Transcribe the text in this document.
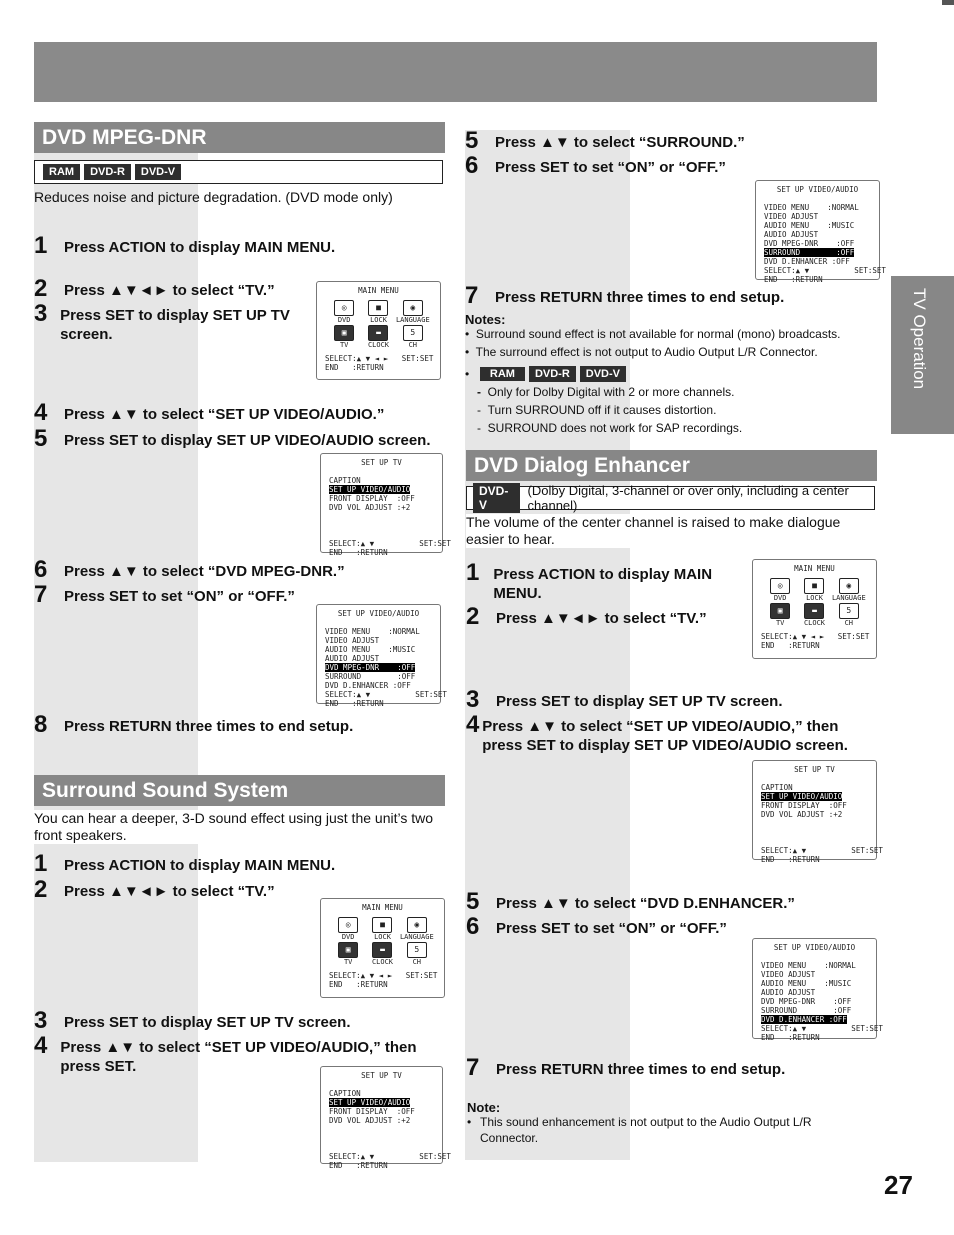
TV Operation
DVD MPEG-DNR
RAM	DVD-R	DVD-V
Reduces noise and picture degradation. (DVD mode only)
1	Press ACTION to display MAIN MENU.
2	Press ▲▼◄► to select “TV.”
3 Press SET to display SET UP TV screen.
MAIN MENU
◎
DVD
■
LOCK
◉
LANGUAGE
▣
TV
▬
CLOCK
5
CH
SELECT:▲ ▼ ◄ ►   SET:SET
END   :RETURN
4	Press ▲▼ to select “SET UP VIDEO/AUDIO.”
5	Press SET to display SET UP VIDEO/AUDIO screen.
SET UP TV
CAPTION
SET UP VIDEO/AUDIO
FRONT DISPLAY  :OFF
DVD VOL ADJUST :+2
SELECT:▲ ▼          SET:SET
END   :RETURN
6	Press ▲▼ to select “DVD MPEG-DNR.”
7	Press SET to set “ON” or “OFF.”
SET UP VIDEO/AUDIO
VIDEO MENU    :NORMAL
VIDEO ADJUST
AUDIO MENU    :MUSIC
AUDIO ADJUST
DVD MPEG-DNR    :OFF
SURROUND        :OFF
DVD D.ENHANCER :OFF
SELECT:▲ ▼          SET:SET
END   :RETURN
8	Press RETURN three times to end setup.
Surround Sound System
You can hear a deeper, 3-D sound effect using just the unit’s two front speakers.
1	Press ACTION to display MAIN MENU.
2	Press ▲▼◄► to select “TV.”
MAIN MENU
◎
DVD
■
LOCK
◉
LANGUAGE
▣
TV
▬
CLOCK
5
CH
SELECT:▲ ▼ ◄ ►   SET:SET
END   :RETURN
3	Press SET to display SET UP TV screen.
4 Press ▲▼ to select “SET UP VIDEO/AUDIO,” then press SET.
SET UP TV
CAPTION
SET UP VIDEO/AUDIO
FRONT DISPLAY  :OFF
DVD VOL ADJUST :+2
SELECT:▲ ▼          SET:SET
END   :RETURN
5	Press ▲▼ to select “SURROUND.”
6	Press SET to set “ON” or “OFF.”
SET UP VIDEO/AUDIO
VIDEO MENU    :NORMAL
VIDEO ADJUST
AUDIO MENU    :MUSIC
AUDIO ADJUST
DVD MPEG-DNR    :OFF
SURROUND        :OFF
DVD D.ENHANCER :OFF
SELECT:▲ ▼          SET:SET
END   :RETURN
7	Press RETURN three times to end setup.
Notes:
•  Surround sound effect is not available for normal (mono) broadcasts.
•  The surround effect is not output to Audio Output L/R Connector.
•	RAM	DVD-R	DVD-V
- Only for Dolby Digital with 2 or more channels.
-  Turn SURROUND off if it causes distortion.
-  SURROUND does not work for SAP recordings.
DVD Dialog Enhancer
DVD-V
(Dolby Digital, 3-channel or over only, including a center channel)
The volume of the center channel is raised to make dialogue easier to hear.
1 Press ACTION to display MAIN MENU.
2	Press ▲▼◄► to select “TV.”
MAIN MENU
◎
DVD
■
LOCK
◉
LANGUAGE
▣
TV
▬
CLOCK
5
CH
SELECT:▲ ▼ ◄ ►   SET:SET
END   :RETURN
3	Press SET to display SET UP TV screen.
4 Press ▲▼ to select “SET UP VIDEO/AUDIO,” then press SET to display SET UP VIDEO/AUDIO screen.
SET UP TV
CAPTION
SET UP VIDEO/AUDIO
FRONT DISPLAY  :OFF
DVD VOL ADJUST :+2
SELECT:▲ ▼          SET:SET
END   :RETURN
5	Press ▲▼ to select “DVD D.ENHANCER.”
6	Press SET to set “ON” or “OFF.”
SET UP VIDEO/AUDIO
VIDEO MENU    :NORMAL
VIDEO ADJUST
AUDIO MENU    :MUSIC
AUDIO ADJUST
DVD MPEG-DNR    :OFF
SURROUND        :OFF
DVD D.ENHANCER :OFF
SELECT:▲ ▼          SET:SET
END   :RETURN
7	Press RETURN three times to end setup.
Note:
• This sound enhancement is not output to the Audio Output L/R Connector.
27
